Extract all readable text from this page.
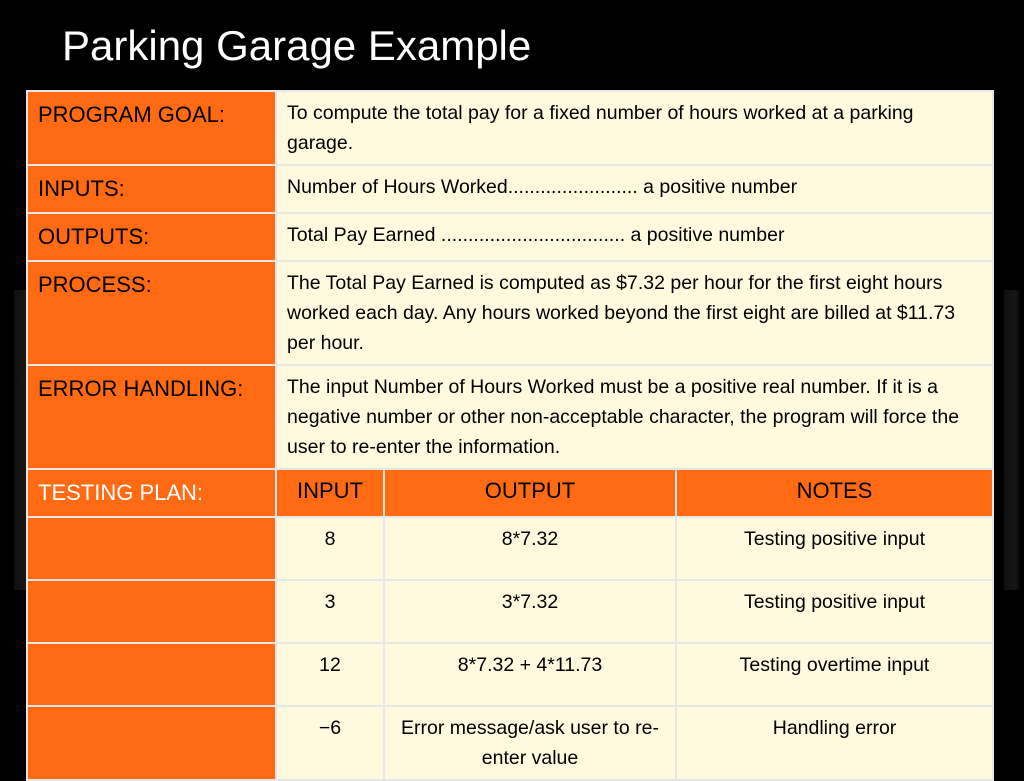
Parking Garage Example
PROGRAM GOAL:	To compute the total pay for a fixed number of hours worked at a parking garage.		
INPUTS:	Number of Hours Worked........................ a positive number		
OUTPUTS:	Total Pay Earned .................................. a positive number		
PROCESS:	The Total Pay Earned is computed as $7.32 per hour for the first eight hours worked each day. Any hours worked beyond the first eight are billed at $11.73 per hour.		
ERROR HANDLING:	The input Number of Hours Worked must be a positive real number. If it is a negative number or other non-acceptable character, the program will force the user to re-enter the information.		
TESTING PLAN:	INPUT	OUTPUT	NOTES
	8	8*7.32	Testing positive input
	3	3*7.32	Testing positive input
	12	8*7.32 + 4*11.73	Testing overtime input
	−6	Error message/ask user to re-enter value	Handling error
